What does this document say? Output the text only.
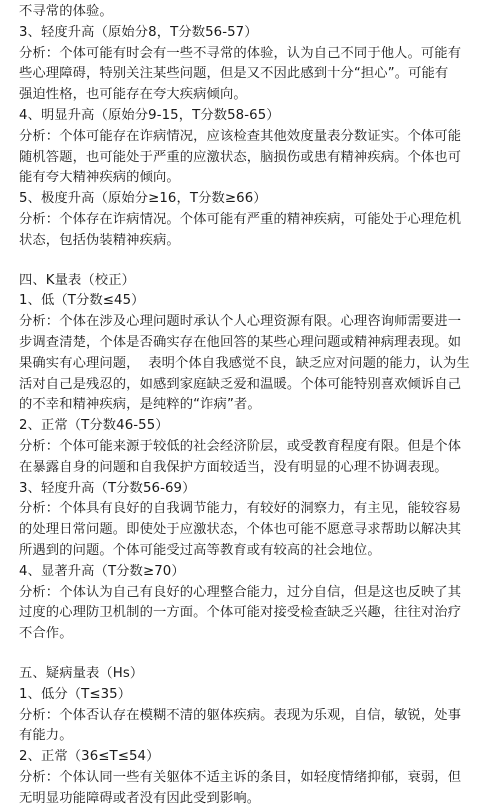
不寻常的体验。
3、轻度升高（原始分8，T分数56-57）
分析：个体可能有时会有一些不寻常的体验，认为自己不同于他人。可能有
些心理障碍，特别关注某些问题，但是又不因此感到十分“担心”。可能有
强迫性格，也可能存在夸大疾病倾向。
4、明显升高（原始分9-15，T分数58-65）
分析：个体可能存在诈病情况，应该检查其他效度量表分数证实。个体可能
随机答题，也可能处于严重的应激状态，脑损伤或患有精神疾病。个体也可
能有夸大精神疾病的倾向。
5、极度升高（原始分≥16，T分数≥66）
分析：个体存在诈病情况。个体可能有严重的精神疾病，可能处于心理危机
状态，包括伪装精神疾病。
四、K量表（校正）
1、低（T分数≤45）
分析：个体在涉及心理问题时承认个人心理资源有限。心理咨询师需要进一
步调查清楚，个体是否确实存在他回答的某些心理问题或精神病理表现。如
果确实有心理问题，  表明个体自我感觉不良，缺乏应对问题的能力，认为生
活对自己是残忍的，如感到家庭缺乏爱和温暖。个体可能特别喜欢倾诉自己
的不幸和精神疾病，是纯粹的“诈病”者。
2、正常（T分数46-55）
分析：个体可能来源于较低的社会经济阶层，或受教育程度有限。但是个体
在暴露自身的问题和自我保护方面较适当，没有明显的心理不协调表现。
3、轻度升高（T分数56-69）
分析：个体具有良好的自我调节能力，有较好的洞察力，有主见，能较容易
的处理日常问题。即使处于应激状态，个体也可能不愿意寻求帮助以解决其
所遇到的问题。个体可能受过高等教育或有较高的社会地位。
4、显著升高（T分数≥70）
分析：个体认为自己有良好的心理整合能力，过分自信，但是这也反映了其
过度的心理防卫机制的一方面。个体可能对接受检查缺乏兴趣，往往对治疗
不合作。
五、疑病量表（Hs）
1、低分（T≤35）
分析：个体否认存在模糊不清的躯体疾病。表现为乐观，自信，敏锐，处事
有能力。
2、正常（36≤T≤54）
分析：个体认同一些有关躯体不适主诉的条目，如轻度情绪抑郁，衰弱，但
无明显功能障碍或者没有因此受到影响。
